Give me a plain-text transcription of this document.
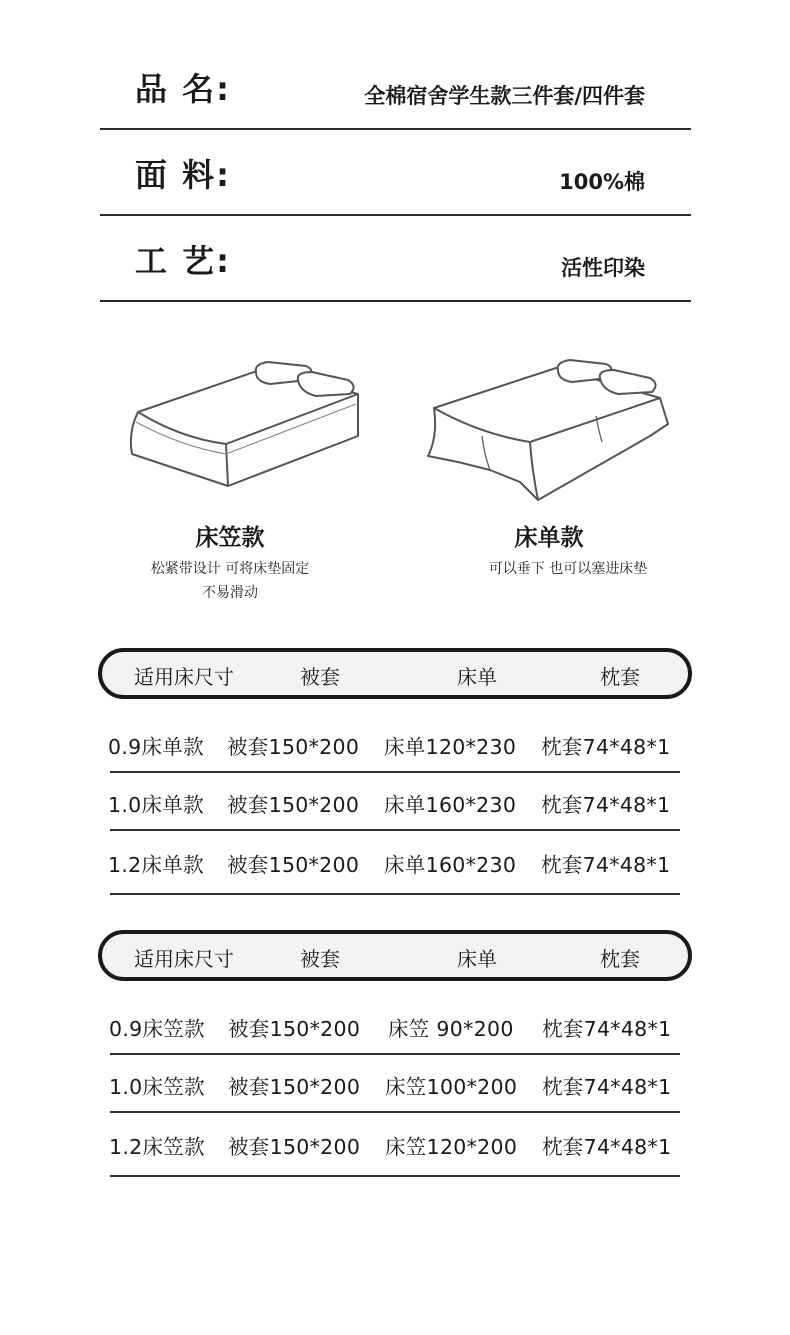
品 名:	全棉宿舍学生款三件套/四件套
面 料:	100%棉
工 艺:	活性印染
床笠款
松紧带设计 可将床垫固定
不易滑动
床单款
可以垂下 也可以塞进床垫
适用床尺寸	被套	床单	枕套
0.9床单款 被套150*200 床单120*230 枕套74*48*1
1.0床单款 被套150*200 床单160*230 枕套74*48*1
1.2床单款 被套150*200 床单160*230 枕套74*48*1
适用床尺寸	被套	床单	枕套
0.9床笠款 被套150*200 床笠 90*200 枕套74*48*1
1.0床笠款 被套150*200 床笠100*200 枕套74*48*1
1.2床笠款 被套150*200 床笠120*200 枕套74*48*1
